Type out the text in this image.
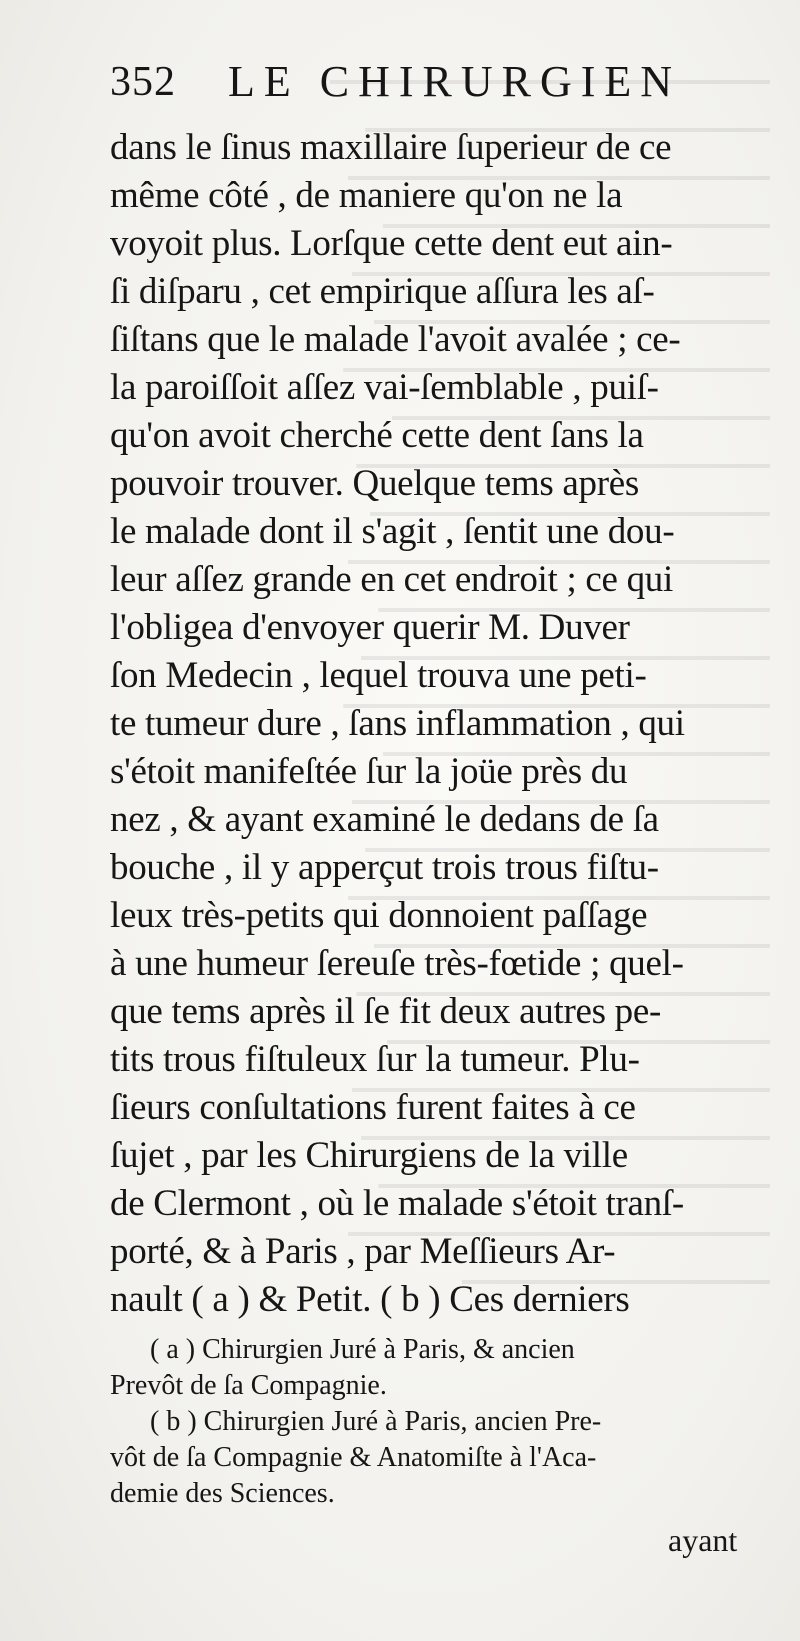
352 LE CHIRURGIEN
dans le ſinus maxillaire ſuperieur de ce
même côté , de maniere qu'on ne la
voyoit plus. Lorſque cette dent eut ain-
ſi diſparu , cet empirique aſſura les aſ-
ſiſtans que le malade l'avoit avalée ; ce-
la paroiſſoit aſſez vai-ſemblable , puiſ-
qu'on avoit cherché cette dent ſans la
pouvoir trouver. Quelque tems après
le malade dont il s'agit , ſentit une dou-
leur aſſez grande en cet endroit ; ce qui
l'obligea d'envoyer querir M. Duver
ſon Medecin , lequel trouva une peti-
te tumeur dure , ſans inflammation , qui
s'étoit manifeſtée ſur la joüe près du
nez , & ayant examiné le dedans de ſa
bouche , il y apperçut trois trous fiſtu-
leux très-petits qui donnoient paſſage
à une humeur ſereuſe très-fœtide ; quel-
que tems après il ſe fit deux autres pe-
tits trous fiſtuleux ſur la tumeur. Plu-
ſieurs conſultations furent faites à ce
ſujet , par les Chirurgiens de la ville
de Clermont , où le malade s'étoit tranſ-
porté, & à Paris , par Meſſieurs Ar-
nault ( a ) & Petit. ( b ) Ces derniers
( a ) Chirurgien Juré à Paris, & ancien
Prevôt de ſa Compagnie.
( b ) Chirurgien Juré à Paris, ancien Pre-
vôt de ſa Compagnie & Anatomiſte à l'Aca-
demie des Sciences.
ayant
